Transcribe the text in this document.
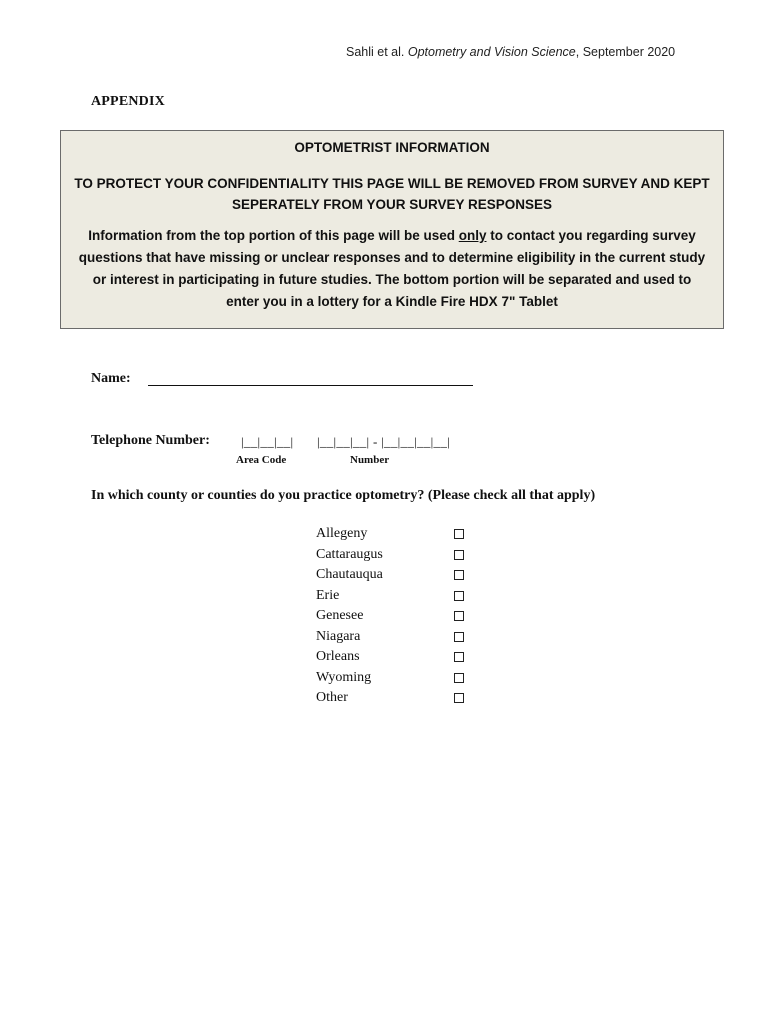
Sahli et al. Optometry and Vision Science, September 2020
APPENDIX
OPTOMETRIST INFORMATION
TO PROTECT YOUR CONFIDENTIALITY THIS PAGE WILL BE REMOVED FROM SURVEY AND KEPT SEPERATELY FROM YOUR SURVEY RESPONSES
Information from the top portion of this page will be used only to contact you regarding survey questions that have missing or unclear responses and to determine eligibility in the current study or interest in participating in future studies. The bottom portion will be separated and used to enter you in a lottery for a Kindle Fire HDX 7" Tablet
Name:
Telephone Number: |__|__|__| |__|__|__| - |__|__|__|__|
Area Code	Number
In which county or counties do you practice optometry? (Please check all that apply)
Allegeny
Cattaraugus
Chautauqua
Erie
Genesee
Niagara
Orleans
Wyoming
Other
